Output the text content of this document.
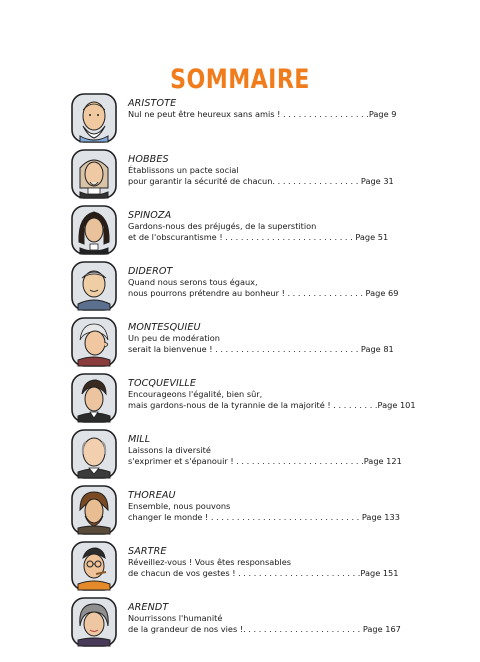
SOMMAIRE
ARISTOTE
Nul ne peut être heureux sans amis ! . . . . . . . . . . . . . . . . .Page 9
HOBBES
Établissons un pacte social
pour garantir la sécurité de chacun. . . . . . . . . . . . . . . . . Page 31
SPINOZA
Gardons-nous des préjugés, de la superstition
et de l'obscurantisme ! . . . . . . . . . . . . . . . . . . . . . . . . . Page 51
DIDEROT
Quand nous serons tous égaux,
nous pourrons prétendre au bonheur ! . . . . . . . . . . . . . . . Page 69
MONTESQUIEU
Un peu de modération
serait la bienvenue ! . . . . . . . . . . . . . . . . . . . . . . . . . . . . Page 81
TOCQUEVILLE
Encourageons l'égalité, bien sûr,
mais gardons-nous de la tyrannie de la majorité ! . . . . . . . . .Page 101
MILL
Laissons la diversité
s'exprimer et s'épanouir ! . . . . . . . . . . . . . . . . . . . . . . . . .Page 121
THOREAU
Ensemble, nous pouvons
changer le monde ! . . . . . . . . . . . . . . . . . . . . . . . . . . . . . Page 133
SARTRE
Réveillez-vous ! Vous êtes responsables
de chacun de vos gestes ! . . . . . . . . . . . . . . . . . . . . . . . .Page 151
ARENDT
Nourrissons l'humanité
de la grandeur de nos vies !. . . . . . . . . . . . . . . . . . . . . . . Page 167
